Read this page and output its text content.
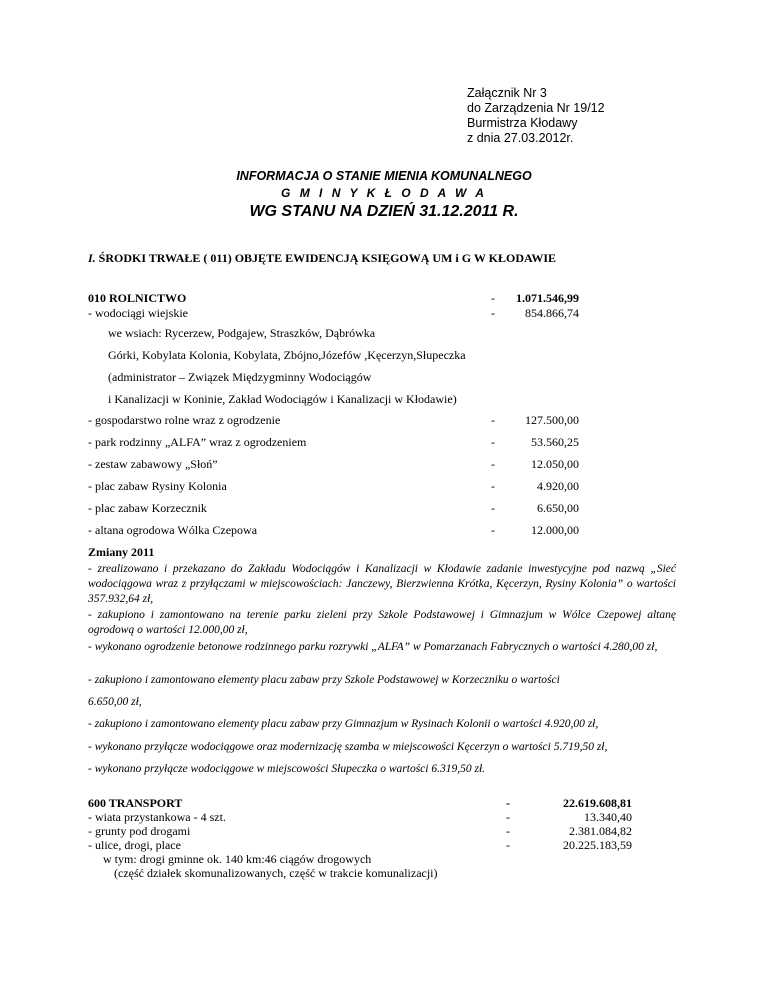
Załącznik Nr 3
do Zarządzenia Nr 19/12
Burmistrza Kłodawy
z dnia 27.03.2012r.
INFORMACJA O STANIE MIENIA KOMUNALNEGO
G M I N Y K Ł O D A W A
WG STANU NA DZIEŃ 31.12.2011 R.
I. ŚRODKI TRWAŁE ( 011) OBJĘTE EWIDENCJĄ KSIĘGOWĄ UM i G W KŁODAWIE
010 ROLNICTWO	-	1.071.546,99
- wodociągi wiejskie	-	854.866,74
we wsiach: Rycerzew, Podgajew, Straszków, Dąbrówka
Górki, Kobylata Kolonia, Kobylata, Zbójno,Józefów ,Kęcerzyn,Słupeczka
(administrator – Związek Międzygminny Wodociągów
i Kanalizacji w Koninie, Zakład Wodociągów i Kanalizacji w Kłodawie)
- gospodarstwo rolne wraz z ogrodzenie	-	127.500,00
- park rodzinny „ALFA” wraz z ogrodzeniem	-	53.560,25
- zestaw zabawowy „Słoń”	-	12.050,00
- plac zabaw Rysiny Kolonia	-	4.920,00
- plac zabaw Korzecznik	-	6.650,00
- altana ogrodowa Wólka Czepowa	-	12.000,00
Zmiany 2011
- zrealizowano i przekazano do Zakładu Wodociągów i Kanalizacji w Kłodawie zadanie inwestycyjne pod nazwą „Sieć wodociągowa wraz z przyłączami w miejscowościach: Janczewy, Bierzwienna Krótka, Kęcerzyn, Rysiny Kolonia” o wartości 357.932,64 zł,
- zakupiono i zamontowano na terenie parku zieleni przy Szkole Podstawowej i Gimnazjum w Wólce Czepowej altanę ogrodową o wartości 12.000,00 zł,
- wykonano ogrodzenie betonowe rodzinnego parku rozrywki „ALFA” w Pomarzanach Fabrycznych o wartości 4.280,00 zł,
- zakupiono i zamontowano elementy placu zabaw przy Szkole Podstawowej w Korzeczniku o wartości
6.650,00 zł,
- zakupiono i zamontowano elementy placu zabaw przy Gimnazjum w Rysinach Kolonii o wartości 4.920,00 zł,
- wykonano przyłącze wodociągowe oraz modernizację szamba w miejscowości Kęcerzyn o wartości 5.719,50 zł,
- wykonano przyłącze wodociągowe w miejscowości Słupeczka o wartości 6.319,50 zł.
600 TRANSPORT	-	22.619.608,81
- wiata przystankowa - 4 szt.	-	13.340,40
- grunty pod drogami	-	2.381.084,82
- ulice, drogi, place	-	20.225.183,59
w tym: drogi gminne ok. 140 km:46 ciągów drogowych
(część działek skomunalizowanych, część w trakcie komunalizacji)
